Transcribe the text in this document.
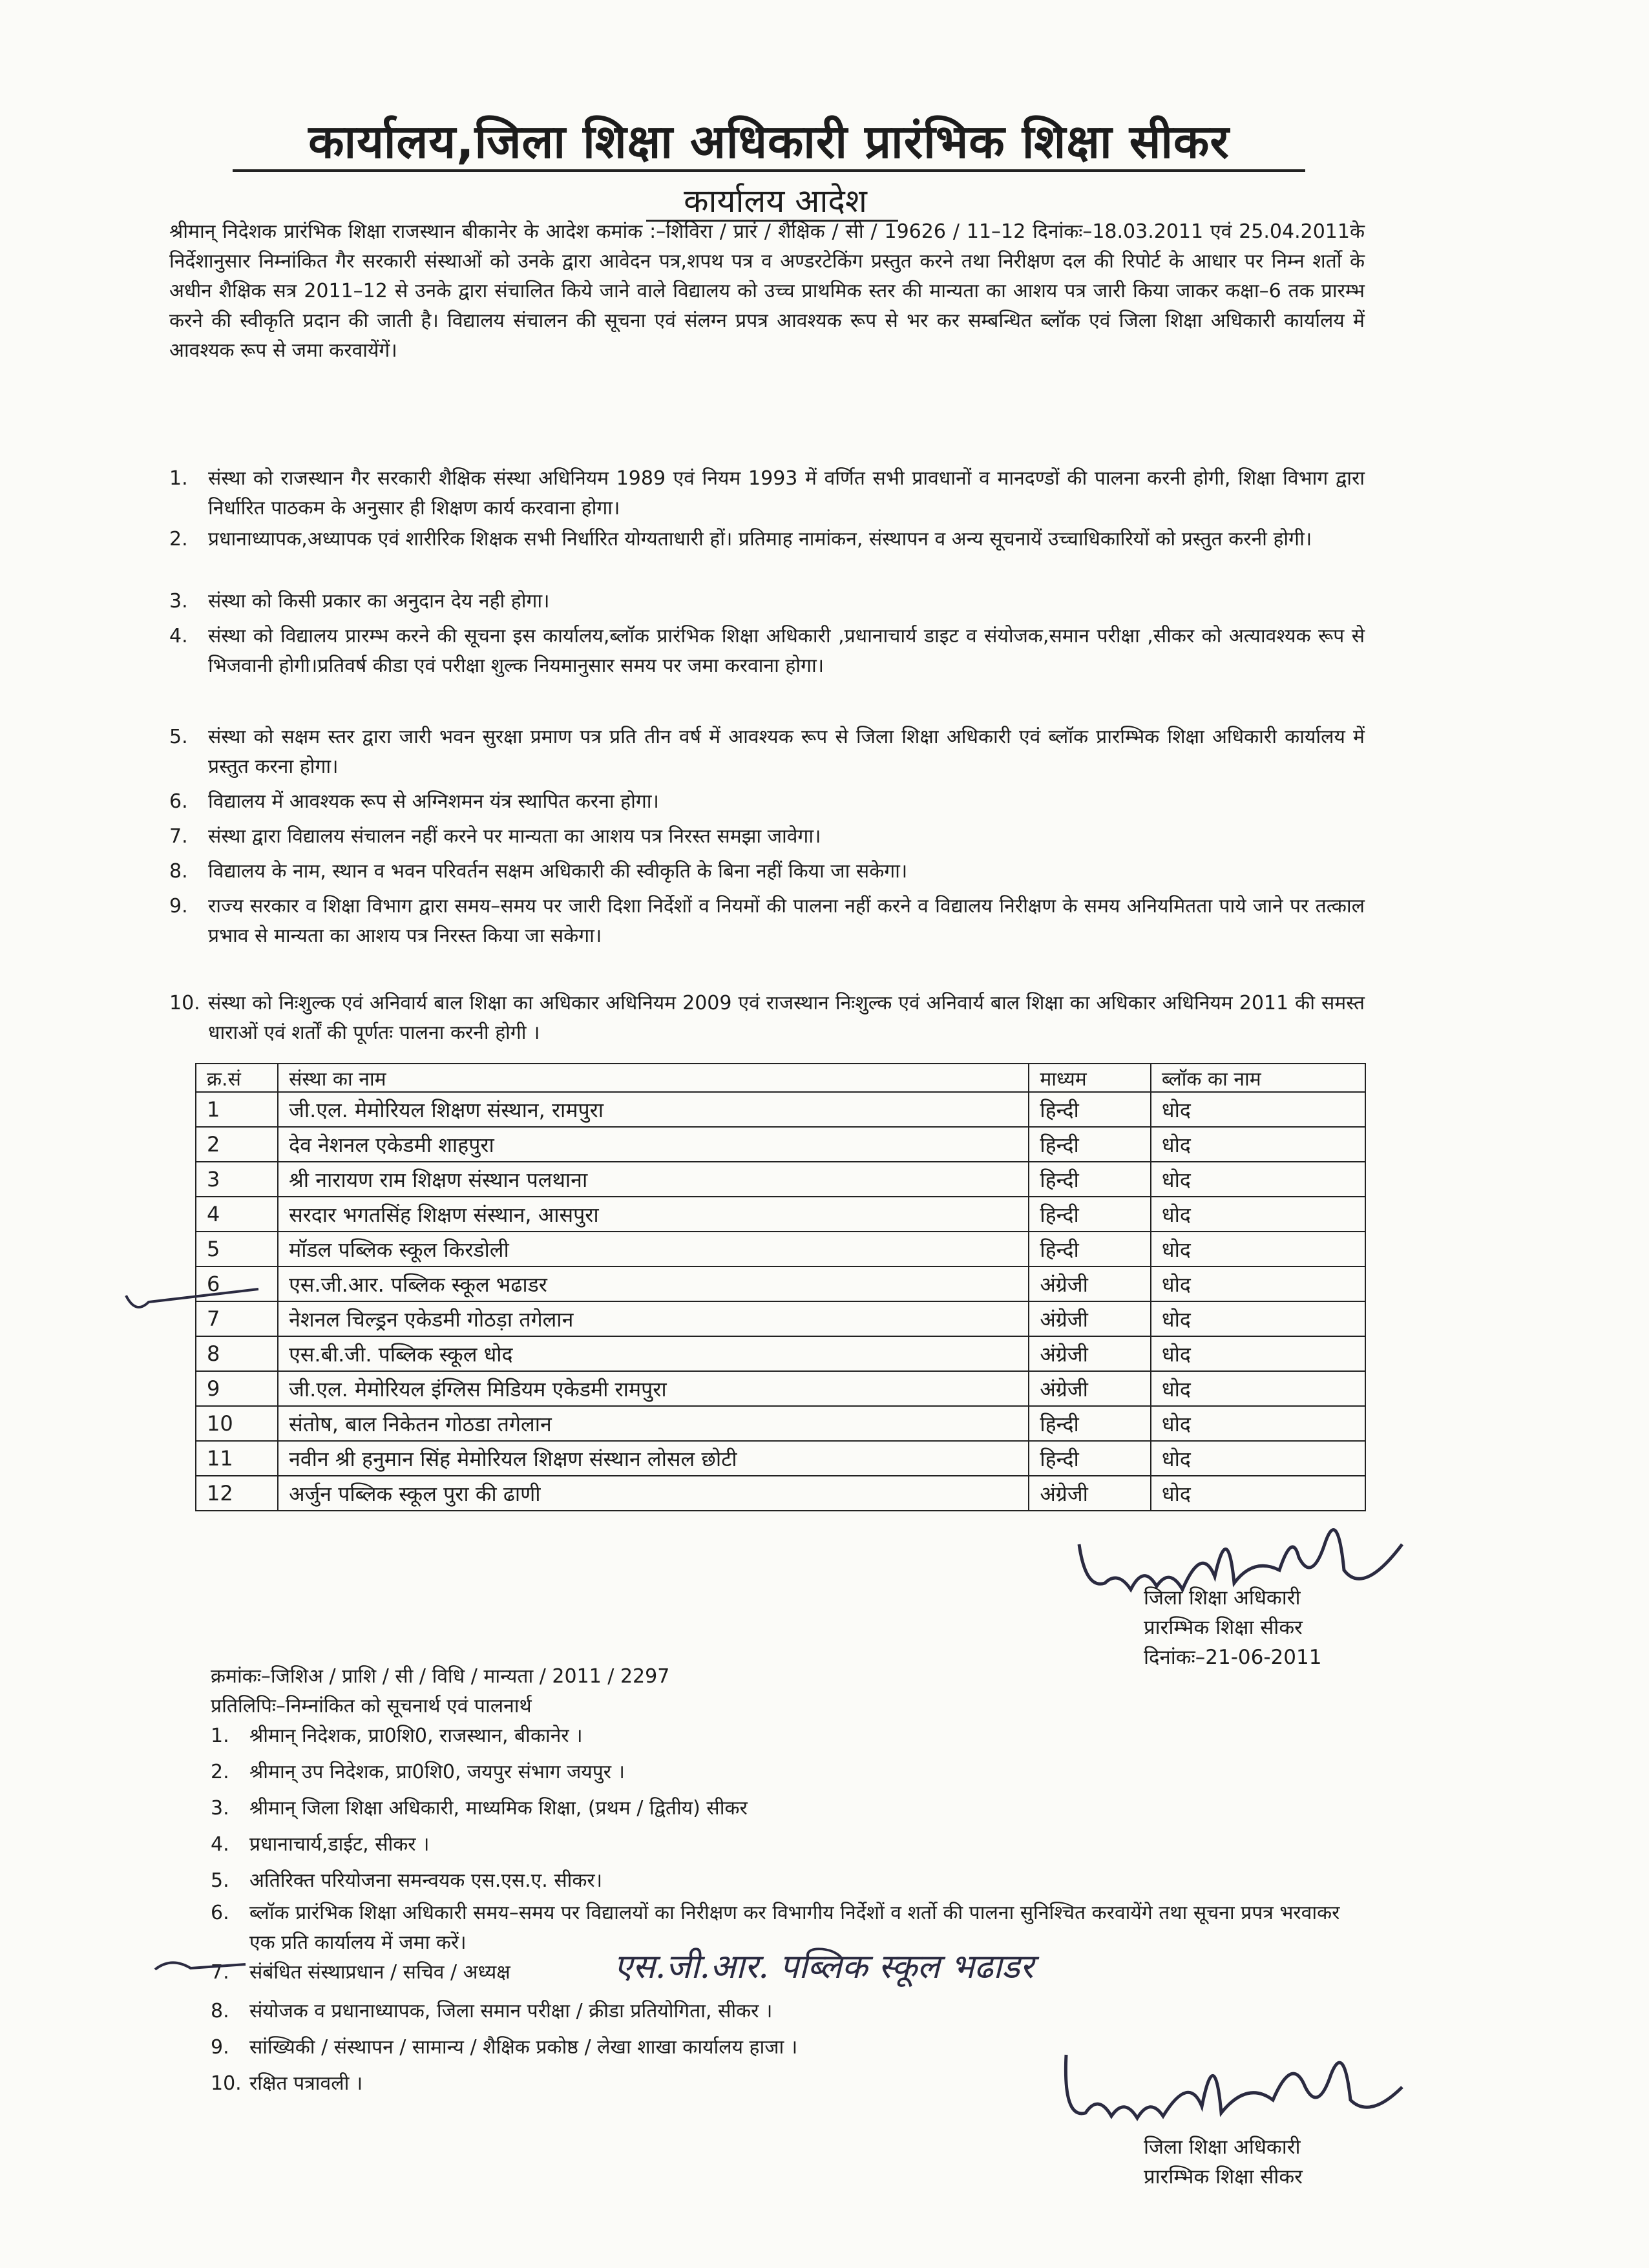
कार्यालय,जिला शिक्षा अधिकारी प्रारंभिक शिक्षा सीकर
कार्यालय आदेश
श्रीमान् निदेशक प्रारंभिक शिक्षा राजस्थान बीकानेर के आदेश कमांक :–शिविरा / प्रारं / शैक्षिक / सी / 19626 / 11–12 दिनांकः–18.03.2011 एवं 25.04.2011के निर्देशानुसार निम्नांकित गैर सरकारी संस्थाओं को उनके द्वारा आवेदन पत्र,शपथ पत्र व अण्डरटेकिंग प्रस्तुत करने तथा निरीक्षण दल की रिपोर्ट के आधार पर निम्न शर्तो के अधीन शैक्षिक सत्र 2011–12 से उनके द्वारा संचालित किये जाने वाले विद्यालय को उच्च प्राथमिक स्तर की मान्यता का आशय पत्र जारी किया जाकर कक्षा–6 तक प्रारम्भ करने की स्वीकृति प्रदान की जाती है। विद्यालय संचालन की सूचना एवं संलग्न प्रपत्र आवश्यक रूप से भर कर सम्बन्धित ब्लॉक एवं जिला शिक्षा अधिकारी कार्यालय में आवश्यक रूप से जमा करवायेंगें।
1.	संस्था को राजस्थान गैर सरकारी शैक्षिक संस्था अधिनियम 1989 एवं नियम 1993 में वर्णित सभी प्रावधानों व मानदण्डों की पालना करनी होगी, शिक्षा विभाग द्वारा निर्धारित पाठकम के अनुसार ही शिक्षण कार्य करवाना होगा।
2.	प्रधानाध्यापक,अध्यापक एवं शारीरिक शिक्षक सभी निर्धारित योग्यताधारी हों। प्रतिमाह नामांकन, संस्थापन व अन्य सूचनायें उच्चाधिकारियों को प्रस्तुत करनी होगी।
3.	संस्था को किसी प्रकार का अनुदान देय नही होगा।
4.	संस्था को विद्यालय प्रारम्भ करने की सूचना इस कार्यालय,ब्लॉक प्रारंभिक शिक्षा अधिकारी ,प्रधानाचार्य डाइट व संयोजक,समान परीक्षा ,सीकर को अत्यावश्यक रूप से भिजवानी होगी।प्रतिवर्ष कीडा एवं परीक्षा शुल्क नियमानुसार समय पर जमा करवाना होगा।
5.	संस्था को सक्षम स्तर द्वारा जारी भवन सुरक्षा प्रमाण पत्र प्रति तीन वर्ष में आवश्यक रूप से जिला शिक्षा अधिकारी एवं ब्लॉक प्रारम्भिक शिक्षा अधिकारी कार्यालय में प्रस्तुत करना होगा।
6.	विद्यालय में आवश्यक रूप से अग्निशमन यंत्र स्थापित करना होगा।
7.	संस्था द्वारा विद्यालय संचालन नहीं करने पर मान्यता का आशय पत्र निरस्त समझा जावेगा।
8.	विद्यालय के नाम, स्थान व भवन परिवर्तन सक्षम अधिकारी की स्वीकृति के बिना नहीं किया जा सकेगा।
9.	राज्य सरकार व शिक्षा विभाग द्वारा समय–समय पर जारी दिशा निर्देशों व नियमों की पालना नहीं करने व विद्यालय निरीक्षण के समय अनियमितता पाये जाने पर तत्काल प्रभाव से मान्यता का आशय पत्र निरस्त किया जा सकेगा।
10. संस्था को निःशुल्क एवं अनिवार्य बाल शिक्षा का अधिकार अधिनियम 2009 एवं राजस्थान निःशुल्क एवं अनिवार्य बाल शिक्षा का अधिकार अधिनियम 2011 की समस्त धाराओं एवं शर्तों की पूर्णतः पालना करनी होगी ।
क्र.सं	संस्था का नाम	माध्यम	ब्लॉक का नाम
1	जी.एल. मेमोरियल शिक्षण संस्थान, रामपुरा	हिन्दी	धोद
2	देव नेशनल एकेडमी शाहपुरा	हिन्दी	धोद
3	श्री नारायण राम शिक्षण संस्थान पलथाना	हिन्दी	धोद
4	सरदार भगतसिंह शिक्षण संस्थान, आसपुरा	हिन्दी	धोद
5	मॉडल पब्लिक स्कूल किरडोली	हिन्दी	धोद
6	एस.जी.आर. पब्लिक स्कूल भढाडर	अंग्रेजी	धोद
7	नेशनल चिल्ड्रन एकेडमी गोठड़ा तगेलान	अंग्रेजी	धोद
8	एस.बी.जी. पब्लिक स्कूल धोद	अंग्रेजी	धोद
9	जी.एल. मेमोरियल इंग्लिस मिडियम एकेडमी रामपुरा	अंग्रेजी	धोद
10	संतोष, बाल निकेतन गोठडा तगेलान	हिन्दी	धोद
11	नवीन श्री हनुमान सिंह मेमोरियल शिक्षण संस्थान लोसल छोटी	हिन्दी	धोद
12	अर्जुन पब्लिक स्कूल पुरा की ढाणी	अंग्रेजी	धोद
जिला शिक्षा अधिकारी
प्रारम्भिक शिक्षा सीकर
दिनांकः–21-06-2011
क्रमांकः–जिशिअ / प्राशि / सी / विधि / मान्यता / 2011 / 2297
प्रतिलिपिः–निम्नांकित को सूचनार्थ एवं पालनार्थ
1.	श्रीमान् निदेशक, प्रा0शि0, राजस्थान, बीकानेर ।
2.	श्रीमान् उप निदेशक, प्रा0शि0, जयपुर संभाग जयपुर ।
3.	श्रीमान् जिला शिक्षा अधिकारी, माध्यमिक शिक्षा, (प्रथम / द्वितीय) सीकर
4.	प्रधानाचार्य,डाईट, सीकर ।
5.	अतिरिक्त परियोजना समन्वयक एस.एस.ए. सीकर।
6.	ब्लॉक प्रारंभिक शिक्षा अधिकारी समय–समय पर विद्यालयों का निरीक्षण कर विभागीय निर्देशों व शर्तो की पालना सुनिश्चित करवायेंगे तथा सूचना प्रपत्र भरवाकर एक प्रति कार्यालय में जमा करें।
7.	संबंधित संस्थाप्रधान / सचिव / अध्यक्ष
8.	संयोजक व प्रधानाध्यापक, जिला समान परीक्षा / क्रीडा प्रतियोगिता, सीकर ।
9.	सांख्यिकी / संस्थापन / सामान्य / शैक्षिक प्रकोष्ठ / लेखा शाखा कार्यालय हाजा ।
10. रक्षित पत्रावली ।
एस.जी.आर. पब्लिक स्कूल भढाडर
जिला शिक्षा अधिकारी
प्रारम्भिक शिक्षा सीकर
